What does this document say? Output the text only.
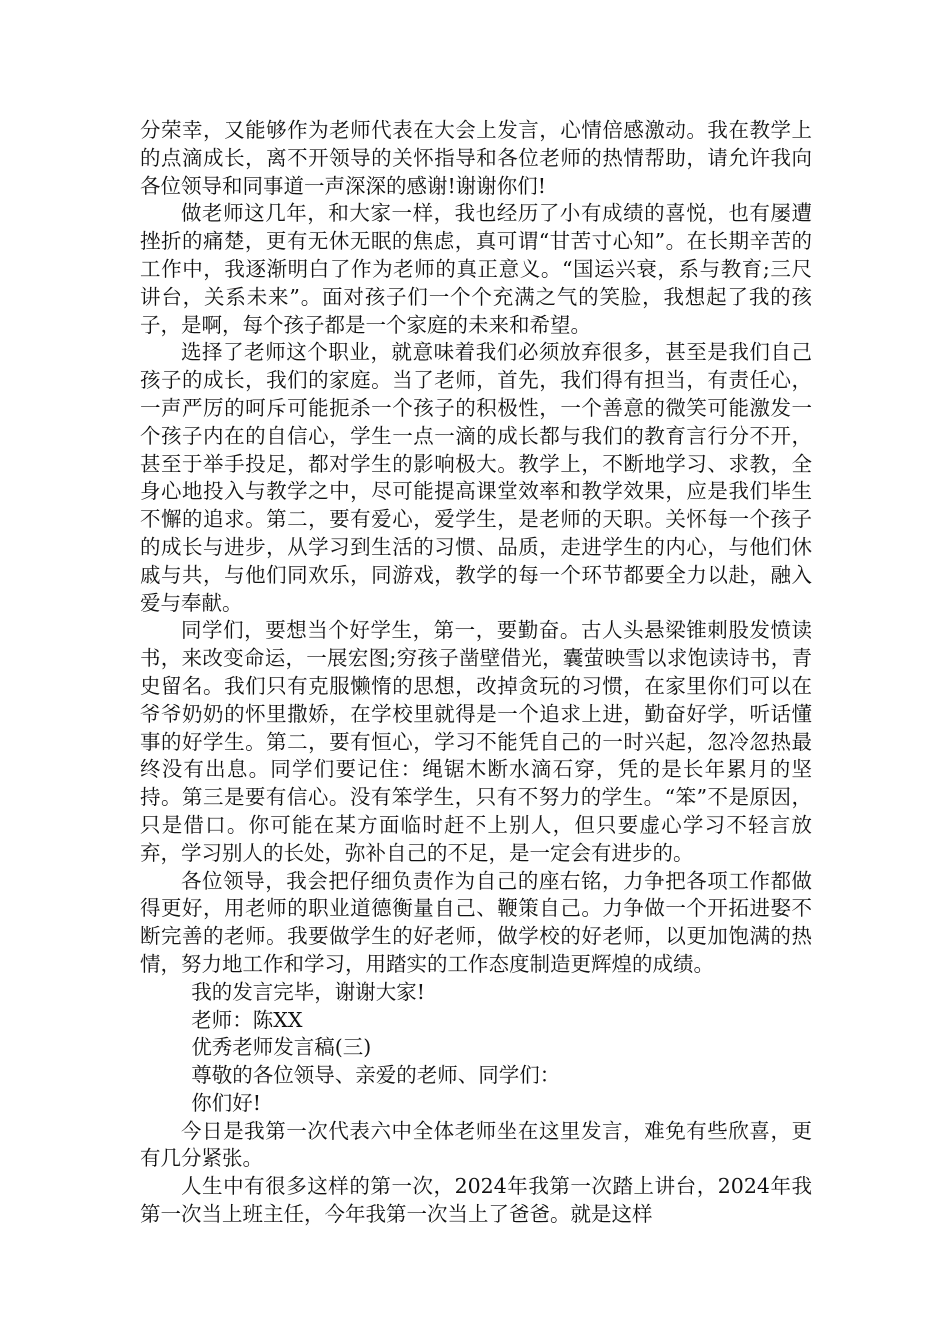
分荣幸，又能够作为老师代表在大会上发言，心情倍感激动。我在教学上的点滴成长，离不开领导的关怀指导和各位老师的热情帮助，请允许我向各位领导和同事道一声深深的感谢!谢谢你们!

做老师这几年，和大家一样，我也经历了小有成绩的喜悦，也有屡遭挫折的痛楚，更有无休无眠的焦虑，真可谓“甘苦寸心知”。在长期辛苦的工作中，我逐渐明白了作为老师的真正意义。“国运兴衰，系与教育;三尺讲台，关系未来”。面对孩子们一个个充满之气的笑脸，我想起了我的孩子，是啊，每个孩子都是一个家庭的未来和希望。

选择了老师这个职业，就意味着我们必须放弃很多，甚至是我们自己孩子的成长，我们的家庭。当了老师，首先，我们得有担当，有责任心，一声严厉的呵斥可能扼杀一个孩子的积极性，一个善意的微笑可能激发一个孩子内在的自信心，学生一点一滴的成长都与我们的教育言行分不开，甚至于举手投足，都对学生的影响极大。教学上，不断地学习、求教，全身心地投入与教学之中，尽可能提高课堂效率和教学效果，应是我们毕生不懈的追求。第二，要有爱心，爱学生，是老师的天职。关怀每一个孩子的成长与进步，从学习到生活的习惯、品质，走进学生的内心，与他们休戚与共，与他们同欢乐，同游戏，教学的每一个环节都要全力以赴，融入爱与奉献。

同学们，要想当个好学生，第一，要勤奋。古人头悬梁锥刺股发愤读书，来改变命运，一展宏图;穷孩子凿壁借光，囊萤映雪以求饱读诗书，青史留名。我们只有克服懒惰的思想，改掉贪玩的习惯，在家里你们可以在爷爷奶奶的怀里撒娇，在学校里就得是一个追求上进，勤奋好学，听话懂事的好学生。第二，要有恒心，学习不能凭自己的一时兴起，忽冷忽热最终没有出息。同学们要记住：绳锯木断水滴石穿，凭的是长年累月的坚持。第三是要有信心。没有笨学生，只有不努力的学生。“笨”不是原因，只是借口。你可能在某方面临时赶不上别人，但只要虚心学习不轻言放弃，学习别人的长处，弥补自己的不足，是一定会有进步的。

各位领导，我会把仔细负责作为自己的座右铭，力争把各项工作都做得更好，用老师的职业道德衡量自己、鞭策自己。力争做一个开拓进娶不断完善的老师。我要做学生的好老师，做学校的好老师，以更加饱满的热情，努力地工作和学习，用踏实的工作态度制造更辉煌的成绩。

我的发言完毕，谢谢大家!

老师：陈XX

优秀老师发言稿(三)

尊敬的各位领导、亲爱的老师、同学们：

你们好!

今日是我第一次代表六中全体老师坐在这里发言，难免有些欣喜，更有几分紧张。

人生中有很多这样的第一次，2024年我第一次踏上讲台，2024年我第一次当上班主任，今年我第一次当上了爸爸。就是这样
